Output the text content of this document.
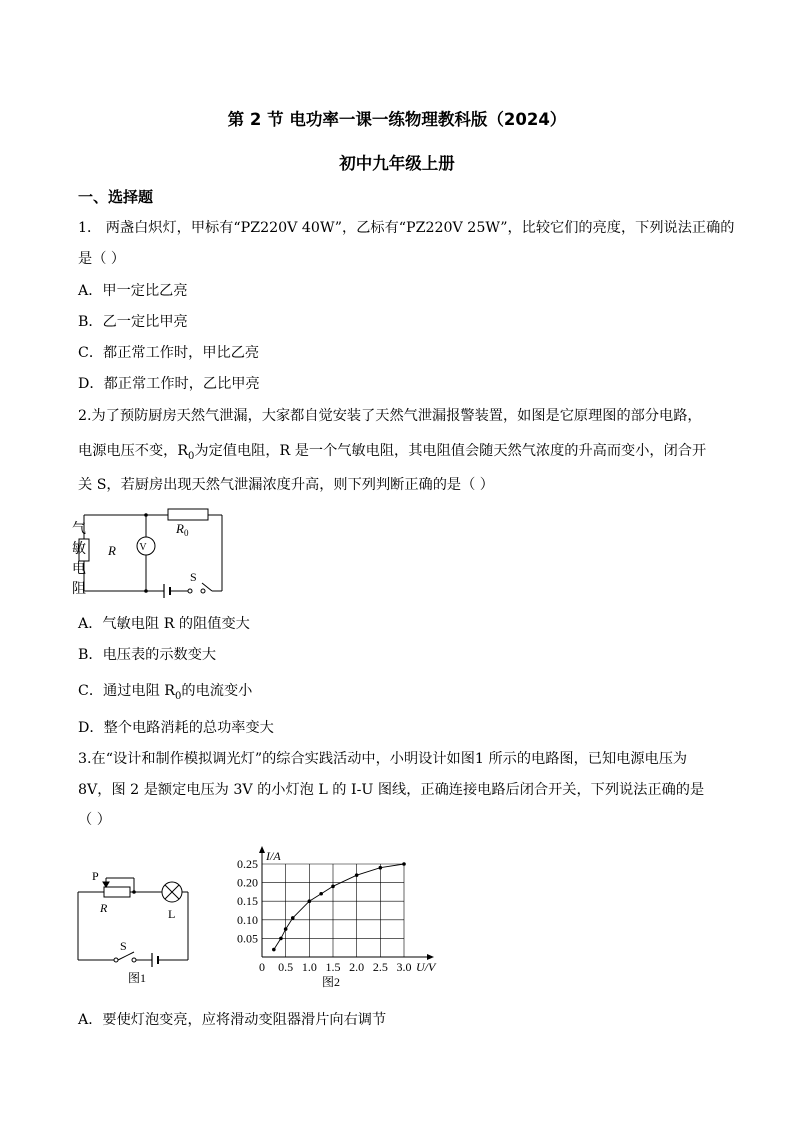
第 2 节 电功率一课一练物理教科版（2024）
初中九年级上册
一、选择题
1． 两盏白炽灯，甲标有“PZ220V 40W”，乙标有“PZ220V 25W”，比较它们的亮度，下列说法正确的
是（ ）
A．甲一定比乙亮
B．乙一定比甲亮
C．都正常工作时，甲比乙亮
D．都正常工作时，乙比甲亮
2.为了预防厨房天然气泄漏，大家都自觉安装了天然气泄漏报警装置，如图是它原理图的部分电路，
电源电压不变，$R_0$为定值电阻，R 是一个气敏电阻，其电阻值会随天然气浓度的升高而变小，闭合开
关 S，若厨房出现天然气泄漏浓度升高，则下列判断正确的是（ ）
V
R
$R_0$
S
气
敏
电
阻
A．气敏电阻 R 的阻值变大
B．电压表的示数变大
C．通过电阻 $R_0$的电流变小
D．整个电路消耗的总功率变大
3.在“设计和制作模拟调光灯”的综合实践活动中，小明设计如图1 所示的电路图，已知电源电压为
8V，图 2 是额定电压为 3V 的小灯泡 L 的 I-U 图线，正确连接电路后闭合开关，下列说法正确的是
（ ）
P
R	L
S
图1
I/A
U/V
0 0.5 1.0 1.5 2.0 2.5 3.0
0.05
0.10
0.15
0.20
0.25
图2
A．要使灯泡变亮，应将滑动变阻器滑片向右调节
